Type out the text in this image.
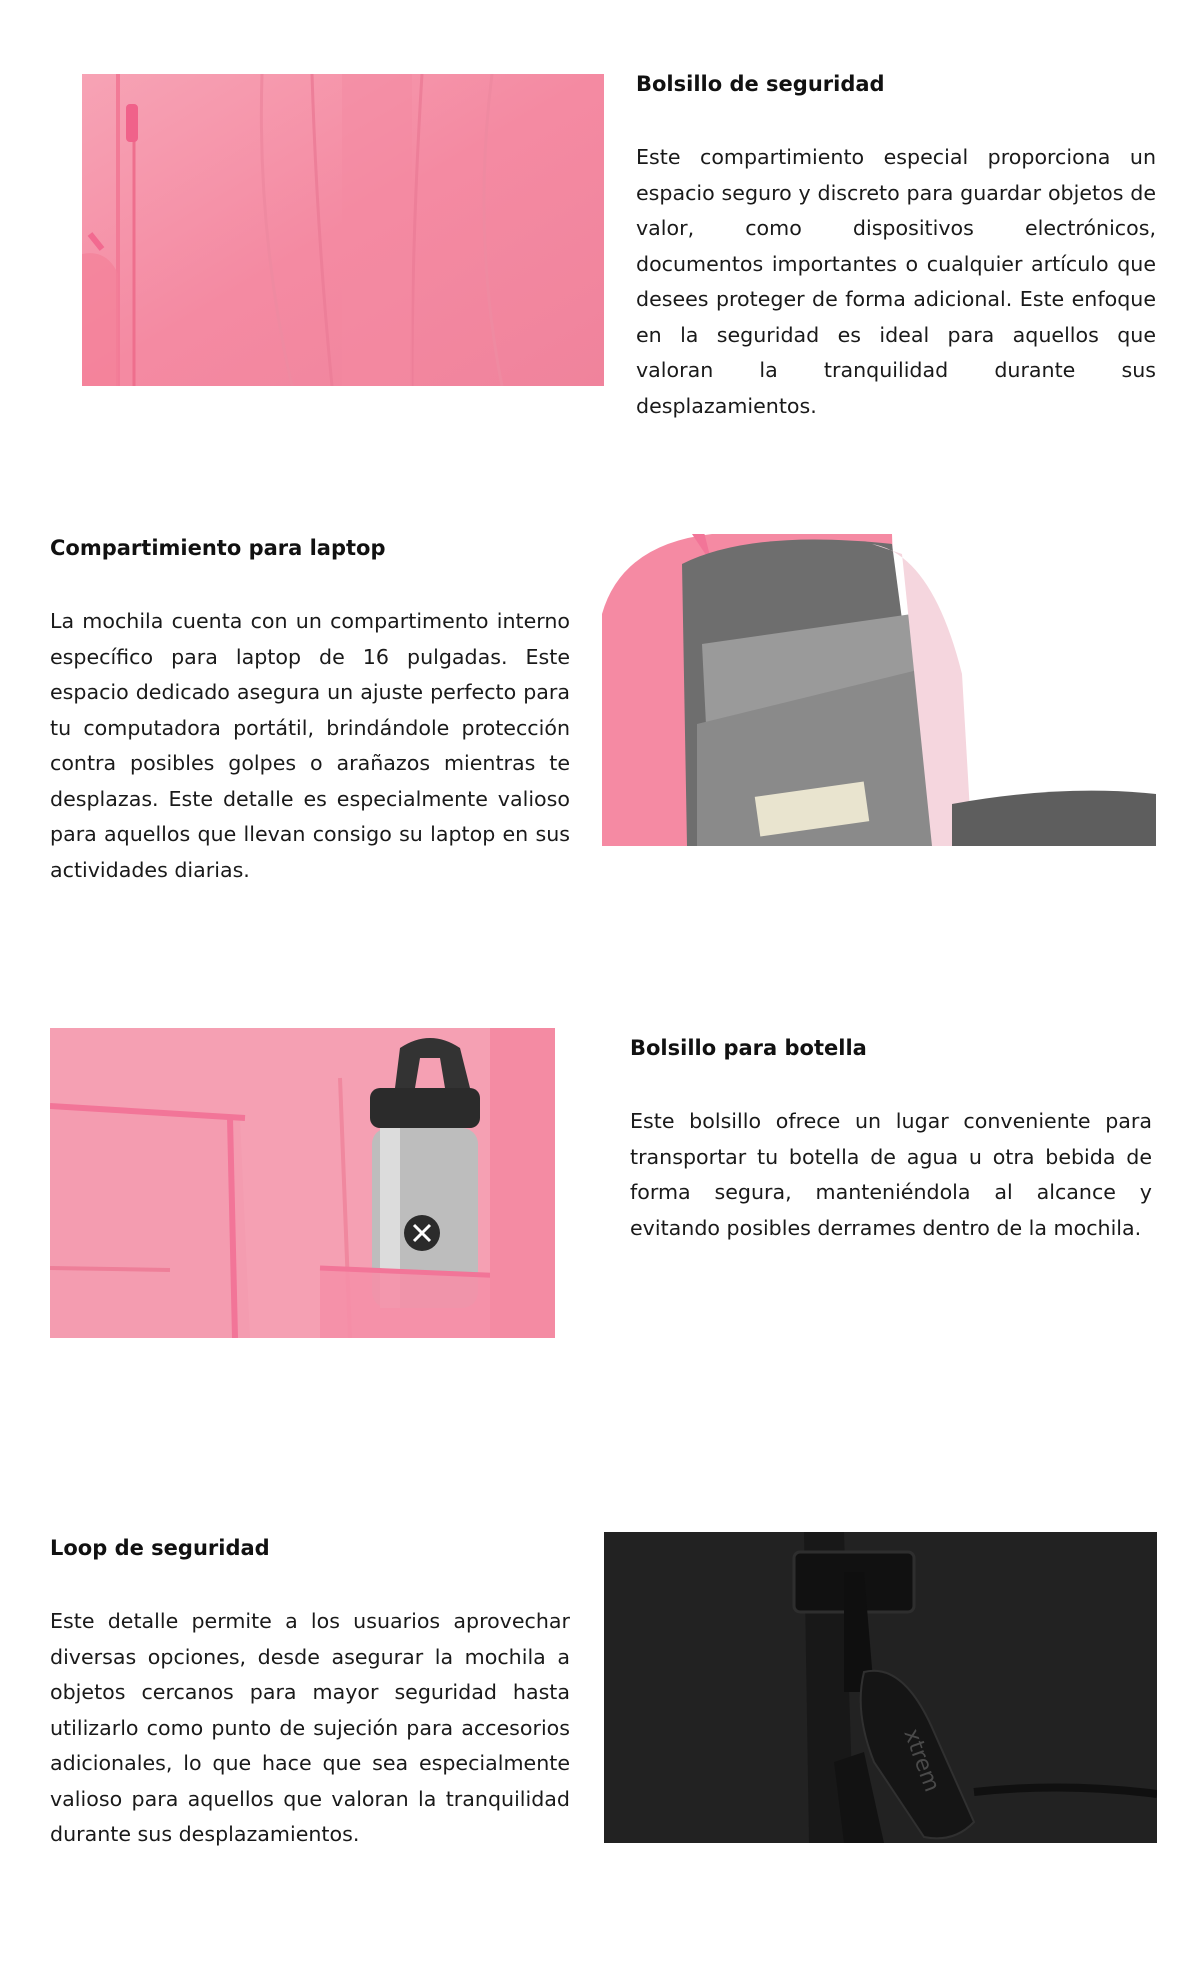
Bolsillo de seguridad

Este compartimiento especial proporciona un espacio seguro y discreto para guardar objetos de valor, como dispositivos electrónicos, documentos importantes o cualquier artículo que desees proteger de forma adicional. Este enfoque en la seguridad es ideal para aquellos que valoran la tranquilidad durante sus desplazamientos.

Compartimiento para laptop

La mochila cuenta con un compartimento interno específico para laptop de 16 pulgadas. Este espacio dedicado asegura un ajuste perfecto para tu computadora portátil, brindándole protección contra posibles golpes o arañazos mientras te desplazas. Este detalle es especialmente valioso para aquellos que llevan consigo su laptop en sus actividades diarias.

Bolsillo para botella

Este bolsillo ofrece un lugar conveniente para transportar tu botella de agua u otra bebida de forma segura, manteniéndola al alcance y evitando posibles derrames dentro de la mochila.

Loop de seguridad

Este detalle permite a los usuarios aprovechar diversas opciones, desde asegurar la mochila a objetos cercanos para mayor seguridad hasta utilizarlo como punto de sujeción para accesorios adicionales, lo que hace que sea especialmente valioso para aquellos que valoran la tranquilidad durante sus desplazamientos.

xtrem
